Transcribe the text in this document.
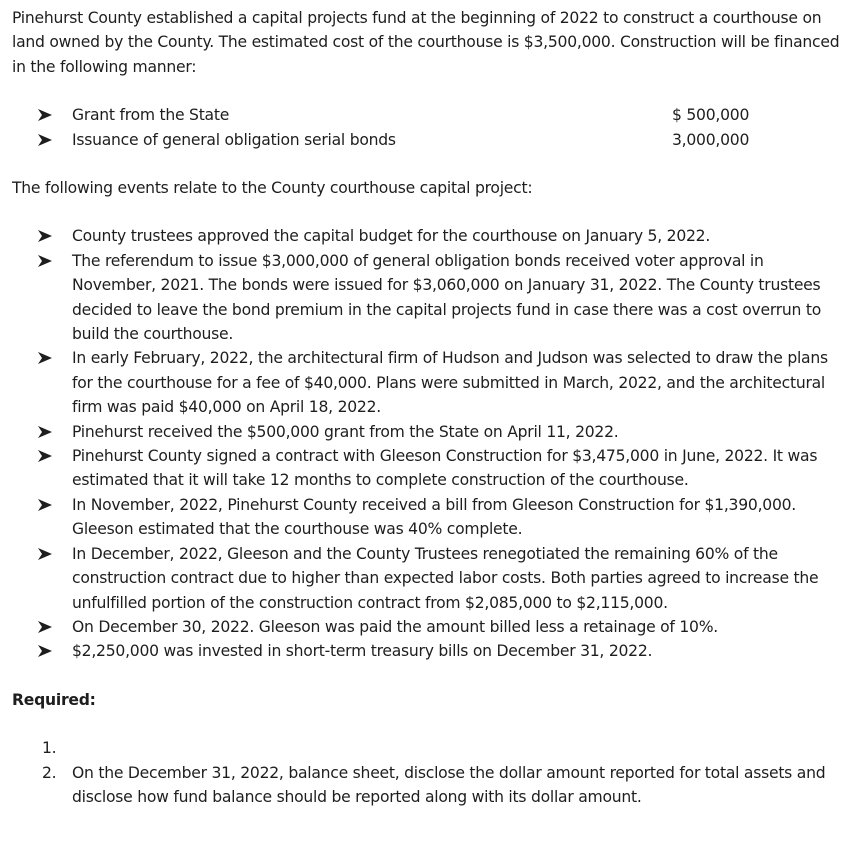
Pinehurst County established a capital projects fund at the beginning of 2022 to construct a courthouse on land owned by the County. The estimated cost of the courthouse is $3,500,000. Construction will be financed in the following manner:

Grant from the State	$ 500,000
Issuance of general obligation serial bonds	3,000,000

The following events relate to the County courthouse capital project:

County trustees approved the capital budget for the courthouse on January 5, 2022.
The referendum to issue $3,000,000 of general obligation bonds received voter approval in November, 2021. The bonds were issued for $3,060,000 on January 31, 2022. The County trustees decided to leave the bond premium in the capital projects fund in case there was a cost overrun to build the courthouse.
In early February, 2022, the architectural firm of Hudson and Judson was selected to draw the plans for the courthouse for a fee of $40,000. Plans were submitted in March, 2022, and the architectural firm was paid $40,000 on April 18, 2022.
Pinehurst received the $500,000 grant from the State on April 11, 2022.
Pinehurst County signed a contract with Gleeson Construction for $3,475,000 in June, 2022. It was estimated that it will take 12 months to complete construction of the courthouse.
In November, 2022, Pinehurst County received a bill from Gleeson Construction for $1,390,000. Gleeson estimated that the courthouse was 40% complete.
In December, 2022, Gleeson and the County Trustees renegotiated the remaining 60% of the construction contract due to higher than expected labor costs. Both parties agreed to increase the unfulfilled portion of the construction contract from $2,085,000 to $2,115,000.
On December 30, 2022. Gleeson was paid the amount billed less a retainage of 10%.
$2,250,000 was invested in short-term treasury bills on December 31, 2022.
Required:
1.
2. On the December 31, 2022, balance sheet, disclose the dollar amount reported for total assets and disclose how fund balance should be reported along with its dollar amount.
